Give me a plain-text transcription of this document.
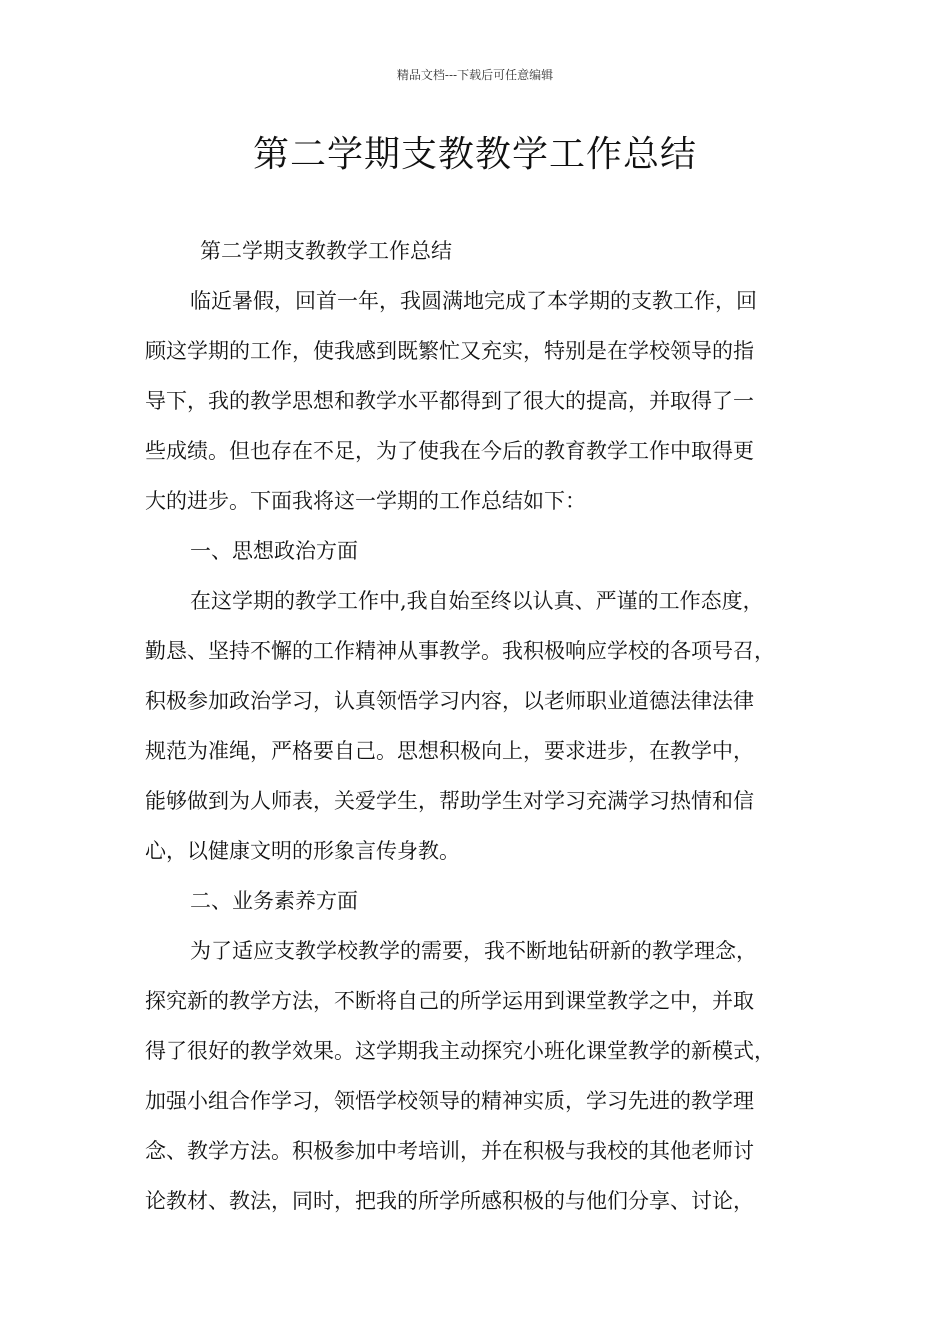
精品文档---下载后可任意编辑
第二学期支教教学工作总结
第二学期支教教学工作总结
临近暑假，回首一年，我圆满地完成了本学期的支教工作，回
顾这学期的工作，使我感到既繁忙又充实，特别是在学校领导的指
导下，我的教学思想和教学水平都得到了很大的提高，并取得了一
些成绩。但也存在不足，为了使我在今后的教育教学工作中取得更
大的进步。下面我将这一学期的工作总结如下：
一、思想政治方面
在这学期的教学工作中,我自始至终以认真、严谨的工作态度，
勤恳、坚持不懈的工作精神从事教学。我积极响应学校的各项号召，
积极参加政治学习，认真领悟学习内容，以老师职业道德法律法律
规范为准绳，严格要自己。思想积极向上，要求进步，在教学中，
能够做到为人师表，关爱学生，帮助学生对学习充满学习热情和信
心，以健康文明的形象言传身教。
二、业务素养方面
为了适应支教学校教学的需要，我不断地钻研新的教学理念，
探究新的教学方法，不断将自己的所学运用到课堂教学之中，并取
得了很好的教学效果。这学期我主动探究小班化课堂教学的新模式，
加强小组合作学习，领悟学校领导的精神实质，学习先进的教学理
念、教学方法。积极参加中考培训，并在积极与我校的其他老师讨
论教材、教法，同时，把我的所学所感积极的与他们分享、讨论，
